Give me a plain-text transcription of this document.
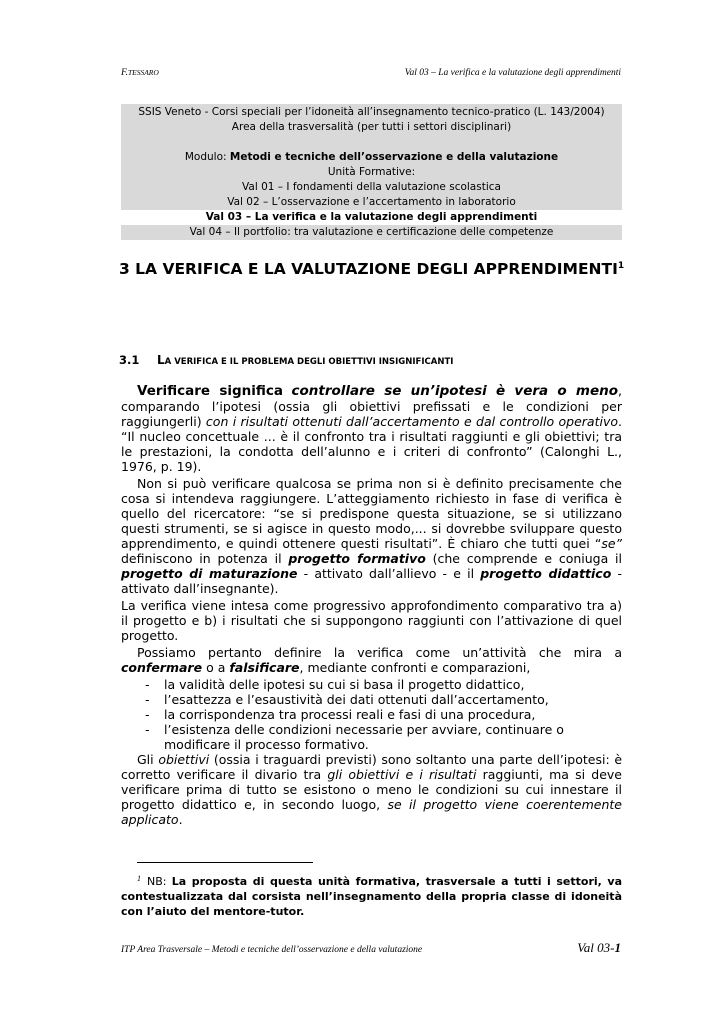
F.TESSARO	Val 03 – La verifica e la valutazione degli apprendimenti
SSIS Veneto - Corsi speciali per l’idoneità all’insegnamento tecnico-pratico (L. 143/2004)
Area della trasversalità (per tutti i settori disciplinari)
Modulo: Metodi e tecniche dell’osservazione e della valutazione
Unità Formative:
Val 01 – I fondamenti della valutazione scolastica
Val 02 – L’osservazione e l’accertamento in laboratorio
Val 03 – La verifica e la valutazione degli apprendimenti
Val 04 – Il portfolio: tra valutazione e certificazione delle competenze
3 LA VERIFICA E LA VALUTAZIONE DEGLI APPRENDIMENTI$^1$
3.1 LA VERIFICA E IL PROBLEMA DEGLI OBIETTIVI INSIGNIFICANTI

Verificare significa controllare se un’ipotesi è vera o meno, comparando l’ipotesi (ossia gli obiettivi prefissati e le condizioni per raggiungerli) con i risultati ottenuti dall’accertamento e dal controllo operativo. “Il nucleo concettuale ... è il confronto tra i risultati raggiunti e gli obiettivi; tra le prestazioni, la condotta dell’alunno e i criteri di confronto” (Calonghi L., 1976, p. 19).

Non si può verificare qualcosa se prima non si è definito precisamente che cosa si intendeva raggiungere. L’atteggiamento richiesto in fase di verifica è quello del ricercatore: “se si predispone questa situazione, se si utilizzano questi strumenti, se si agisce in questo modo,... si dovrebbe sviluppare questo apprendimento, e quindi ottenere questi risultati”. È chiaro che tutti quei “se” definiscono in potenza il progetto formativo (che comprende e coniuga il progetto di maturazione - attivato dall’allievo - e il progetto didattico - attivato dall’insegnante).

La verifica viene intesa come progressivo approfondimento comparativo tra a) il progetto e b) i risultati che si suppongono raggiunti con l’attivazione di quel progetto.

Possiamo pertanto definire la verifica come un’attività che mira a confermare o a falsificare, mediante confronti e comparazioni,

- la validità delle ipotesi su cui si basa il progetto didattico,
- l’esattezza e l’esaustività dei dati ottenuti dall’accertamento,
- la corrispondenza tra processi reali e fasi di una procedura,
- l’esistenza delle condizioni necessarie per avviare, continuare o modificare il processo formativo.

Gli obiettivi (ossia i traguardi previsti) sono soltanto una parte dell’ipotesi: è corretto verificare il divario tra gli obiettivi e i risultati raggiunti, ma si deve verificare prima di tutto se esistono o meno le condizioni su cui innestare il progetto didattico e, in secondo luogo, se il progetto viene coerentemente applicato.

$^1$ NB: La proposta di questa unità formativa, trasversale a tutti i settori, va contestualizzata dal corsista nell’insegnamento della propria classe di idoneità con l’aiuto del mentore-tutor.
ITP Area Trasversale – Metodi e tecniche dell’osservazione e della valutazione	Val 03-1
